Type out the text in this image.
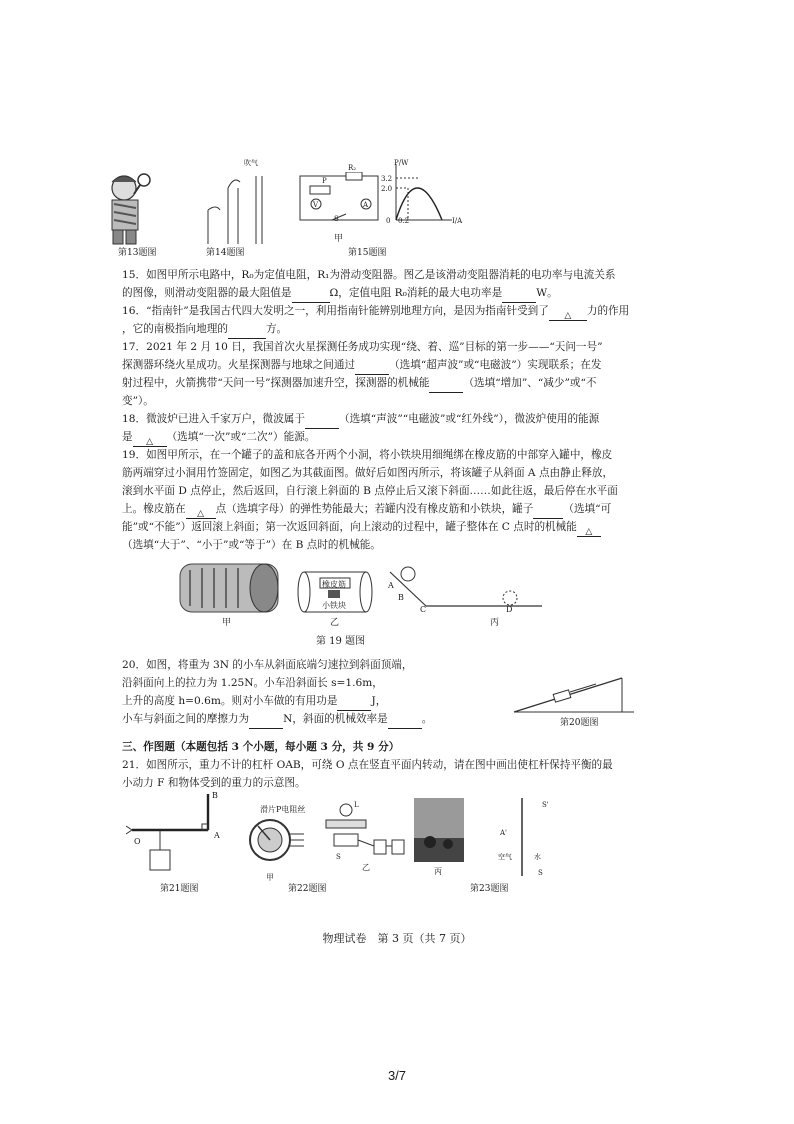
第13题图
吹气
第14题图
R₂
P
V	A
S
甲
P/W
3.2
2.0
0 0.2	I/A
第15题图
15．如图甲所示电路中，R₀为定值电阻，R₁为滑动变阻器。图乙是该滑动变阻器消耗的电功率与电流关系
的图像，则滑动变阻器的最大阻值是	Ω，定值电阻 R₀消耗的最大电功率是	W。
16．“指南针”是我国古代四大发明之一，利用指南针能辨别地理方向，是因为指南针受到了 △ 力的作用
，它的南极指向地理的	方。
17．2021 年 2 月 10 日，我国首次火星探测任务成功实现“绕、着、巡”目标的第一步——“天问一号”
探测器环绕火星成功。火星探测器与地球之间通过	（选填“超声波”或“电磁波”）实现联系；在发
射过程中，火箭携带“天问一号”探测器加速升空，探测器的机械能	（选填“增加”、“减少”或“不
变”）。
18．微波炉已进入千家万户，微波属于	（选填“声波”“电磁波”或“红外线”），微波炉使用的能源
是 △ （选填“一次”或“二次”）能源。
19．如图甲所示，在一个罐子的盖和底各开两个小洞，将小铁块用细绳绑在橡皮筋的中部穿入罐中，橡皮
筋两端穿过小洞用竹签固定，如图乙为其截面图。做好后如图丙所示，将该罐子从斜面 A 点由静止释放，
滚到水平面 D 点停止，然后返回，自行滚上斜面的 B 点停止后又滚下斜面……如此往返，最后停在水平面
上。橡皮筋在 △ 点（选填字母）的弹性势能最大；若罐内没有橡皮筋和小铁块，罐子	（选填“可
能”或“不能”）返回滚上斜面；第一次返回斜面，向上滚动的过程中，罐子整体在 C 点时的机械能 △
（选填“大于”、“小于”或“等于”）在 B 点时的机械能。
甲
橡皮筋
小铁块
乙
A
B
C	D
丙
第 19 题图
20．如图，将重为 3N 的小车从斜面底端匀速拉到斜面顶端，
沿斜面向上的拉力为 1.25N。小车沿斜面长 s=1.6m，
上升的高度 h=0.6m。则对小车做的有用功是	J，
小车与斜面之间的摩擦力为	N，斜面的机械效率是	。	第20题图
三、作图题（本题包括 3 个小题，每小题 3 分，共 9 分）
21．如图所示，重力不计的杠杆 OAB，可绕 O 点在竖直平面内转动，请在图中画出使杠杆保持平衡的最
小动力 F 和物体受到的重力的示意图。
B
A
O
第21题图
滑片P电阻丝
甲
L
S
乙	丙
第22题图
S'
A'
空气	水
S
第23题图
物理试卷　第 3 页（共 7 页）
3/7
